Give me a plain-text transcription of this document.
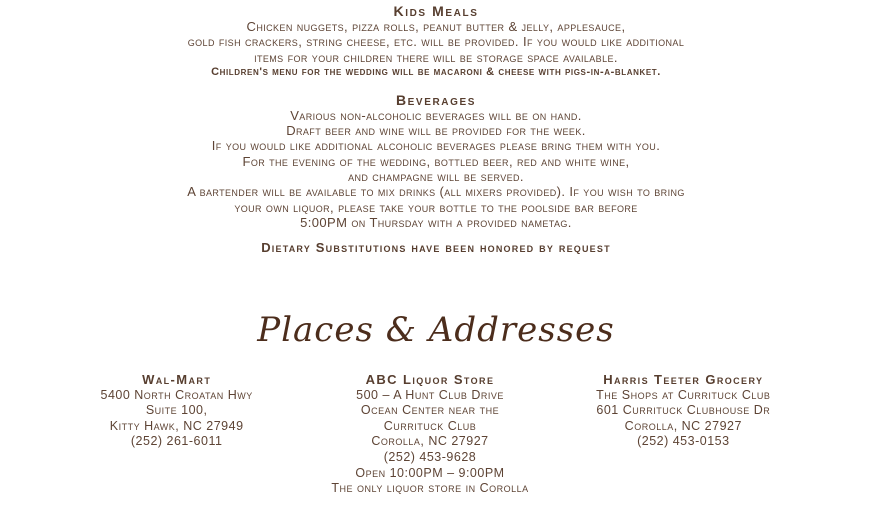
Kids Meals

Chicken nuggets, pizza rolls, peanut butter & jelly, applesauce,

gold fish crackers, string cheese, etc. will be provided. If you would like additional

items for your children there will be storage space available.

Children's menu for the wedding will be macaroni & cheese with pigs-in-a-blanket.

Beverages

Various non-alcoholic beverages will be on hand.

Draft beer and wine will be provided for the week.

If you would like additional alcoholic beverages please bring them with you.

For the evening of the wedding, bottled beer, red and white wine,

and champagne will be served.

A bartender will be available to mix drinks (all mixers provided). If you wish to bring

your own liquor, please take your bottle to the poolside bar before

5:00PM on Thursday with a provided nametag.

Dietary Substitutions have been honored by request

Places & Addresses
Wal-Mart

5400 North Croatan Hwy

Suite 100,

Kitty Hawk, NC 27949

(252) 261-6011

ABC Liquor Store

500 – A Hunt Club Drive

Ocean Center near the

Currituck Club

Corolla, NC 27927

(252) 453-9628

Open 10:00PM – 9:00PM

The only liquor store in Corolla

Harris Teeter Grocery

The Shops at Currituck Club

601 Currituck Clubhouse Dr

Corolla, NC 27927

(252) 453-0153
